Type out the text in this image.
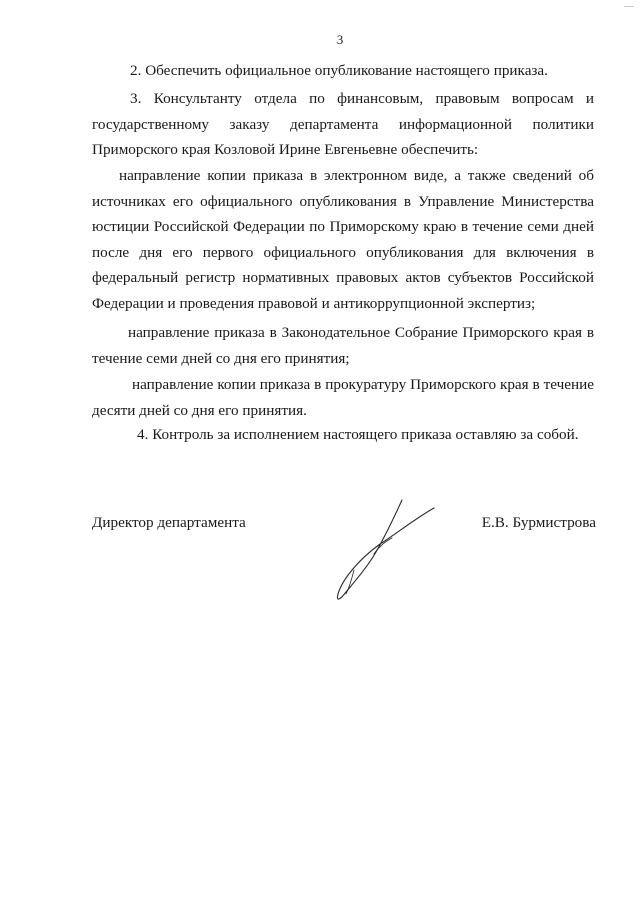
3

2. Обеспечить официальное опубликование настоящего приказа.

3. Консультанту отдела по финансовым, правовым вопросам и государственному заказу департамента информационной политики Приморского края Козловой Ирине Евгеньевне обеспечить:

направление копии приказа в электронном виде, а также сведений об источниках его официального опубликования в Управление Министерства юстиции Российской Федерации по Приморскому краю в течение семи дней после дня его первого официального опубликования для включения в федеральный регистр нормативных правовых актов субъектов Российской Федерации и проведения правовой и антикоррупционной экспертиз;

направление приказа в Законодательное Собрание Приморского края в течение семи дней со дня его принятия;

направление копии приказа в прокуратуру Приморского края в течение десяти дней со дня его принятия.

4. Контроль за исполнением настоящего приказа оставляю за собой.

Директор департамента	Е.В. Бурмистрова
